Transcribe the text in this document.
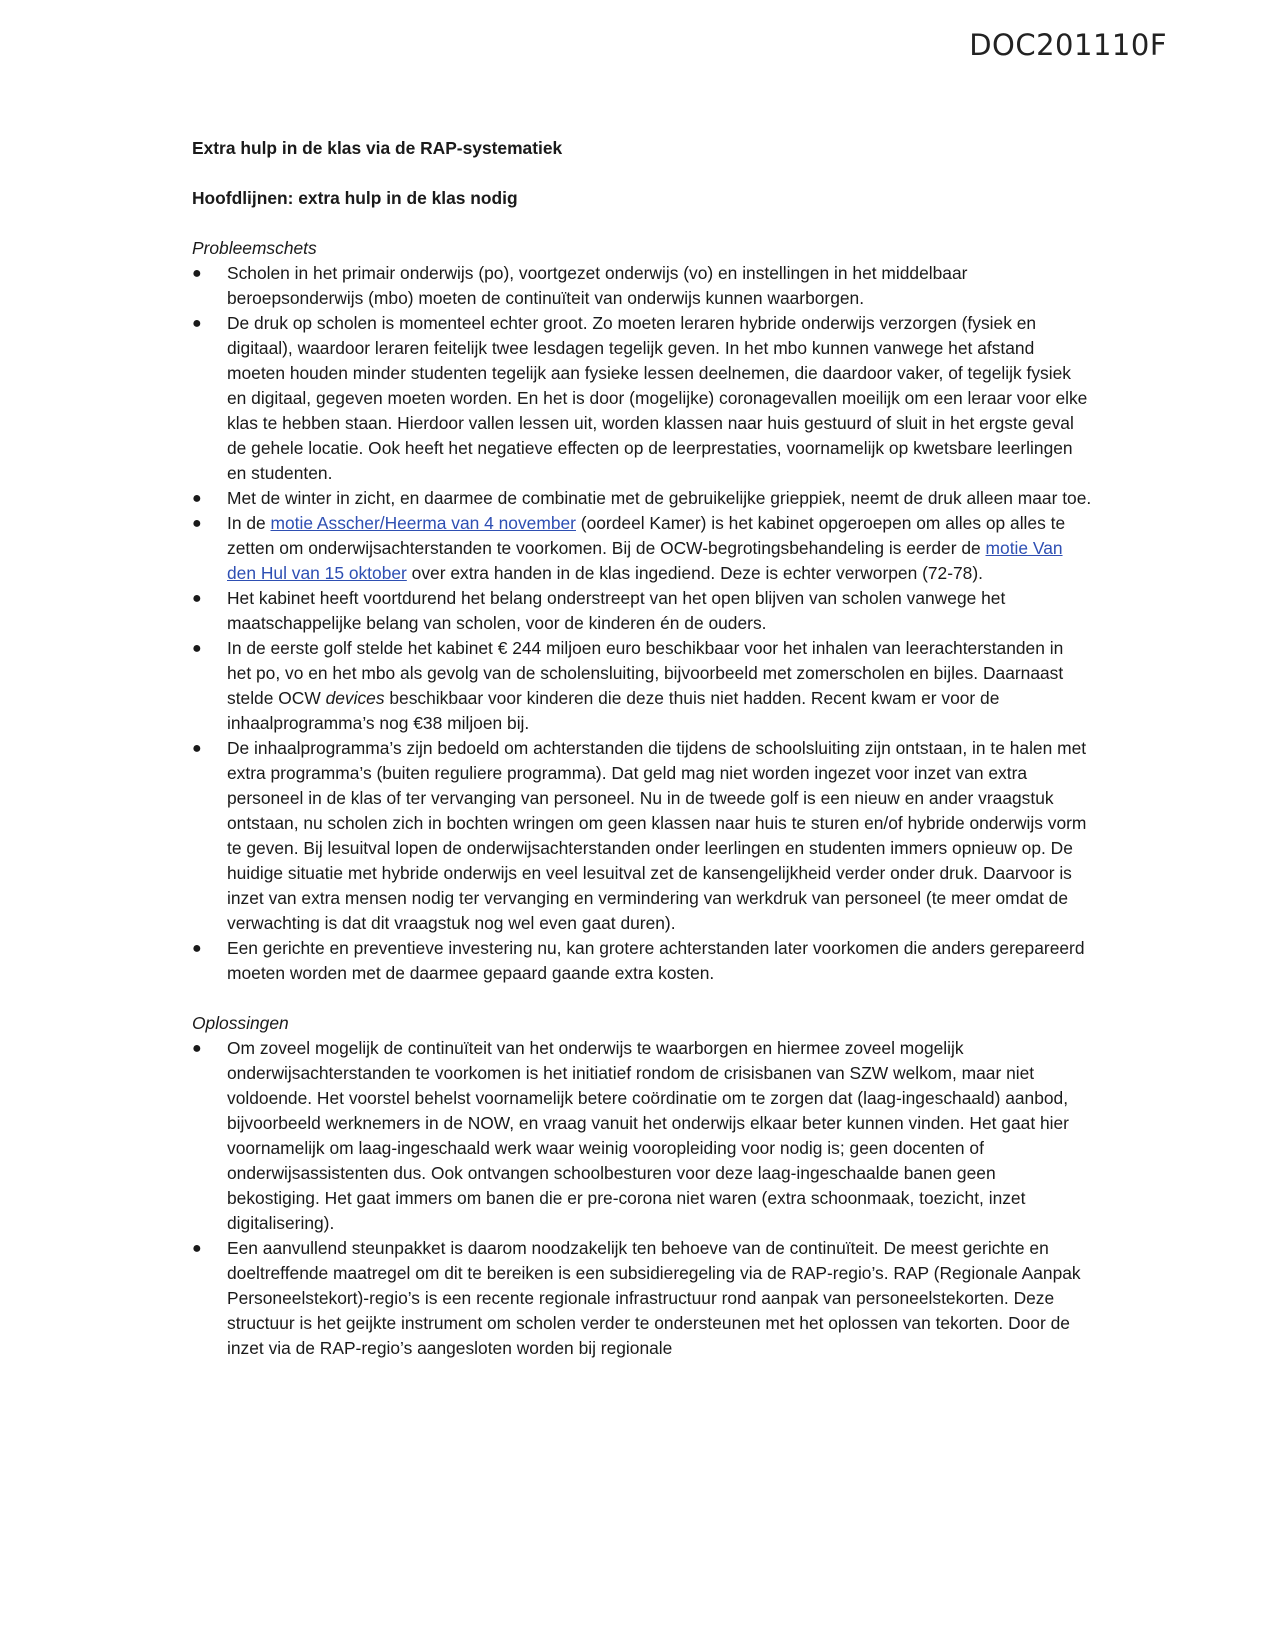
DOC201110F

Extra hulp in de klas via de RAP-systematiek

Hoofdlijnen: extra hulp in de klas nodig

Probleemschets

●	Scholen in het primair onderwijs (po), voortgezet onderwijs (vo) en instellingen in het middelbaar beroepsonderwijs (mbo) moeten de continuïteit van onderwijs kunnen waarborgen.
●	De druk op scholen is momenteel echter groot. Zo moeten leraren hybride onderwijs verzorgen (fysiek en digitaal), waardoor leraren feitelijk twee lesdagen tegelijk geven. In het mbo kunnen vanwege het afstand moeten houden minder studenten tegelijk aan fysieke lessen deelnemen, die daardoor vaker, of tegelijk fysiek en digitaal, gegeven moeten worden. En het is door (mogelijke) coronagevallen moeilijk om een leraar voor elke klas te hebben staan. Hierdoor vallen lessen uit, worden klassen naar huis gestuurd of sluit in het ergste geval de gehele locatie. Ook heeft het negatieve effecten op de leerprestaties, voornamelijk op kwetsbare leerlingen en studenten.
●	Met de winter in zicht, en daarmee de combinatie met de gebruikelijke grieppiek, neemt de druk alleen maar toe.
●	In de motie Asscher/Heerma van 4 november (oordeel Kamer) is het kabinet opgeroepen om alles op alles te zetten om onderwijsachterstanden te voorkomen. Bij de OCW-begrotingsbehandeling is eerder de motie Van den Hul van 15 oktober over extra handen in de klas ingediend. Deze is echter verworpen (72-78).
●	Het kabinet heeft voortdurend het belang onderstreept van het open blijven van scholen vanwege het maatschappelijke belang van scholen, voor de kinderen én de ouders.
●	In de eerste golf stelde het kabinet € 244 miljoen euro beschikbaar voor het inhalen van leerachterstanden in het po, vo en het mbo als gevolg van de scholensluiting, bijvoorbeeld met zomerscholen en bijles. Daarnaast stelde OCW devices beschikbaar voor kinderen die deze thuis niet hadden. Recent kwam er voor de inhaalprogramma’s nog €38 miljoen bij.
●	De inhaalprogramma’s zijn bedoeld om achterstanden die tijdens de schoolsluiting zijn ontstaan, in te halen met extra programma’s (buiten reguliere programma). Dat geld mag niet worden ingezet voor inzet van extra personeel in de klas of ter vervanging van personeel. Nu in de tweede golf is een nieuw en ander vraagstuk ontstaan, nu scholen zich in bochten wringen om geen klassen naar huis te sturen en/of hybride onderwijs vorm te geven. Bij lesuitval lopen de onderwijsachterstanden onder leerlingen en studenten immers opnieuw op. De huidige situatie met hybride onderwijs en veel lesuitval zet de kansengelijkheid verder onder druk. Daarvoor is inzet van extra mensen nodig ter vervanging en vermindering van werkdruk van personeel (te meer omdat de verwachting is dat dit vraagstuk nog wel even gaat duren).
●	Een gerichte en preventieve investering nu, kan grotere achterstanden later voorkomen die anders gerepareerd moeten worden met de daarmee gepaard gaande extra kosten.

Oplossingen

●	Om zoveel mogelijk de continuïteit van het onderwijs te waarborgen en hiermee zoveel mogelijk onderwijsachterstanden te voorkomen is het initiatief rondom de crisisbanen van SZW welkom, maar niet voldoende. Het voorstel behelst voornamelijk betere coördinatie om te zorgen dat (laag-ingeschaald) aanbod, bijvoorbeeld werknemers in de NOW, en vraag vanuit het onderwijs elkaar beter kunnen vinden. Het gaat hier voornamelijk om laag-ingeschaald werk waar weinig vooropleiding voor nodig is; geen docenten of onderwijsassistenten dus. Ook ontvangen schoolbesturen voor deze laag-ingeschaalde banen geen bekostiging. Het gaat immers om banen die er pre-corona niet waren (extra schoonmaak, toezicht, inzet digitalisering).
●	Een aanvullend steunpakket is daarom noodzakelijk ten behoeve van de continuïteit. De meest gerichte en doeltreffende maatregel om dit te bereiken is een subsidieregeling via de RAP-regio’s. RAP (Regionale Aanpak Personeelstekort)-regio’s is een recente regionale infrastructuur rond aanpak van personeelstekorten. Deze structuur is het geijkte instrument om scholen verder te ondersteunen met het oplossen van tekorten. Door de inzet via de RAP-regio’s aangesloten worden bij regionale
